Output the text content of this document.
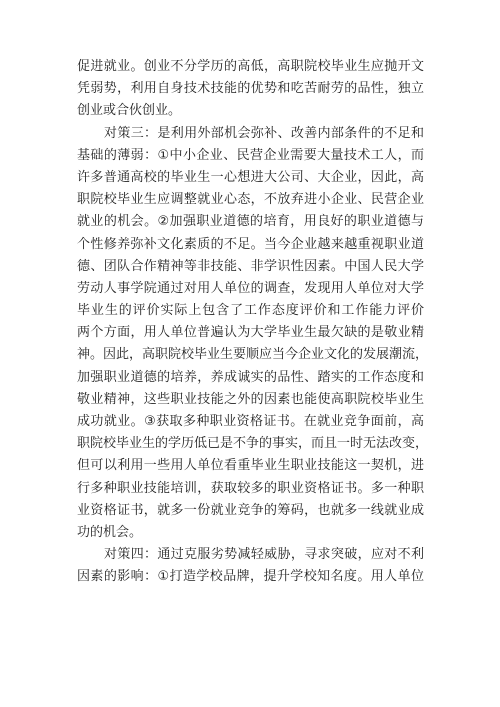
促进就业。创业不分学历的高低，高职院校毕业生应抛开文
凭弱势，利用自身技术技能的优势和吃苦耐劳的品性，独立
创业或合伙创业。
对策三：是利用外部机会弥补、改善内部条件的不足和
基础的薄弱：①中小企业、民营企业需要大量技术工人，而
许多普通高校的毕业生一心想进大公司、大企业，因此，高
职院校毕业生应调整就业心态，不放弃进小企业、民营企业
就业的机会。②加强职业道德的培育，用良好的职业道德与
个性修养弥补文化素质的不足。当今企业越来越重视职业道
德、团队合作精神等非技能、非学识性因素。中国人民大学
劳动人事学院通过对用人单位的调查，发现用人单位对大学
毕业生的评价实际上包含了工作态度评价和工作能力评价
两个方面，用人单位普遍认为大学毕业生最欠缺的是敬业精
神。因此，高职院校毕业生要顺应当今企业文化的发展潮流，
加强职业道德的培养，养成诚实的品性、踏实的工作态度和
敬业精神，这些职业技能之外的因素也能使高职院校毕业生
成功就业。③获取多种职业资格证书。在就业竞争面前，高
职院校毕业生的学历低已是不争的事实，而且一时无法改变，
但可以利用一些用人单位看重毕业生职业技能这一契机，进
行多种职业技能培训，获取较多的职业资格证书。多一种职
业资格证书，就多一份就业竞争的筹码，也就多一线就业成
功的机会。
对策四：通过克服劣势减轻威胁，寻求突破，应对不利
因素的影响：①打造学校品牌，提升学校知名度。用人单位
